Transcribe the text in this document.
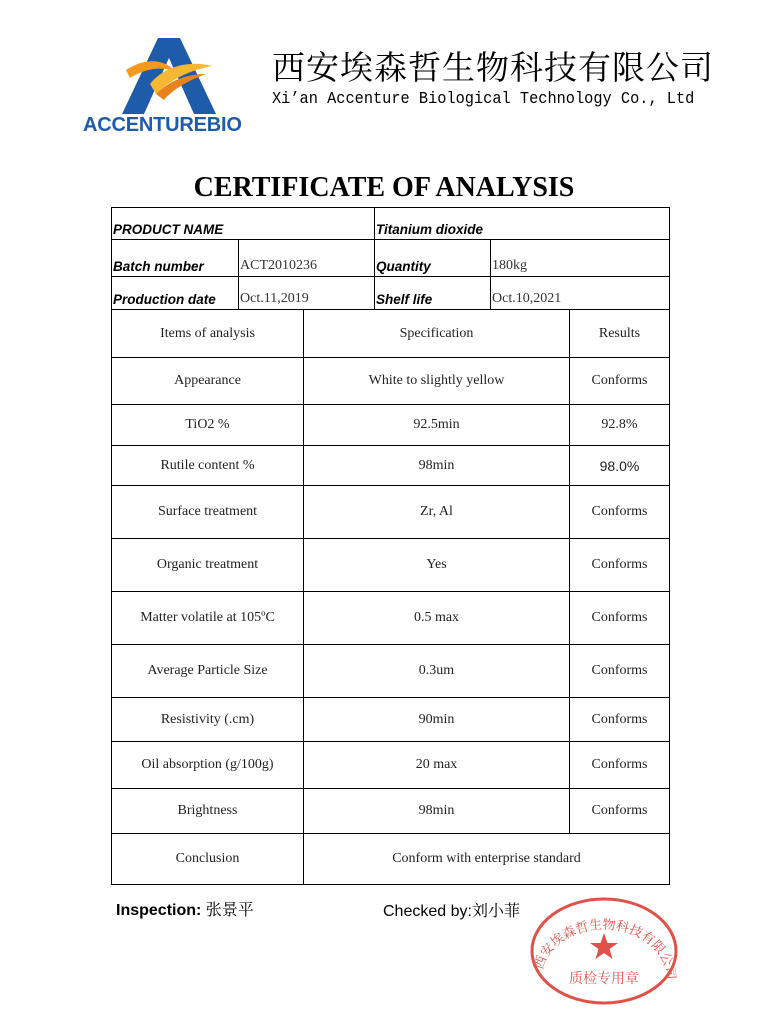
ACCENTUREBIO
西安埃森哲生物科技有限公司
Xi’an Accenture Biological Technology Co., Ltd
CERTIFICATE OF ANALYSIS
PRODUCT NAME		Titanium dioxide	
Batch number	ACT2010236	Quantity	180kg
Production date	Oct.11,2019	Shelf life	Oct.10,2021
Items of analysis	Specification	Results
Appearance	White to slightly yellow	Conforms
TiO2 %	92.5min	92.8%
Rutile content %	98min	98.0%
Surface treatment	Zr, Al	Conforms
Organic treatment	Yes	Conforms
Matter volatile at 105ºC	0.5 max	Conforms
Average Particle Size	0.3um	Conforms
Resistivity (.cm)	90min	Conforms
Oil absorption (g/100g)	20 max	Conforms
Brightness	98min	Conforms
Conclusion	Conform with enterprise standard	
Inspection: 张景平	Checked by:刘小菲
西安埃森哲生物科技有限公司
质检专用章
